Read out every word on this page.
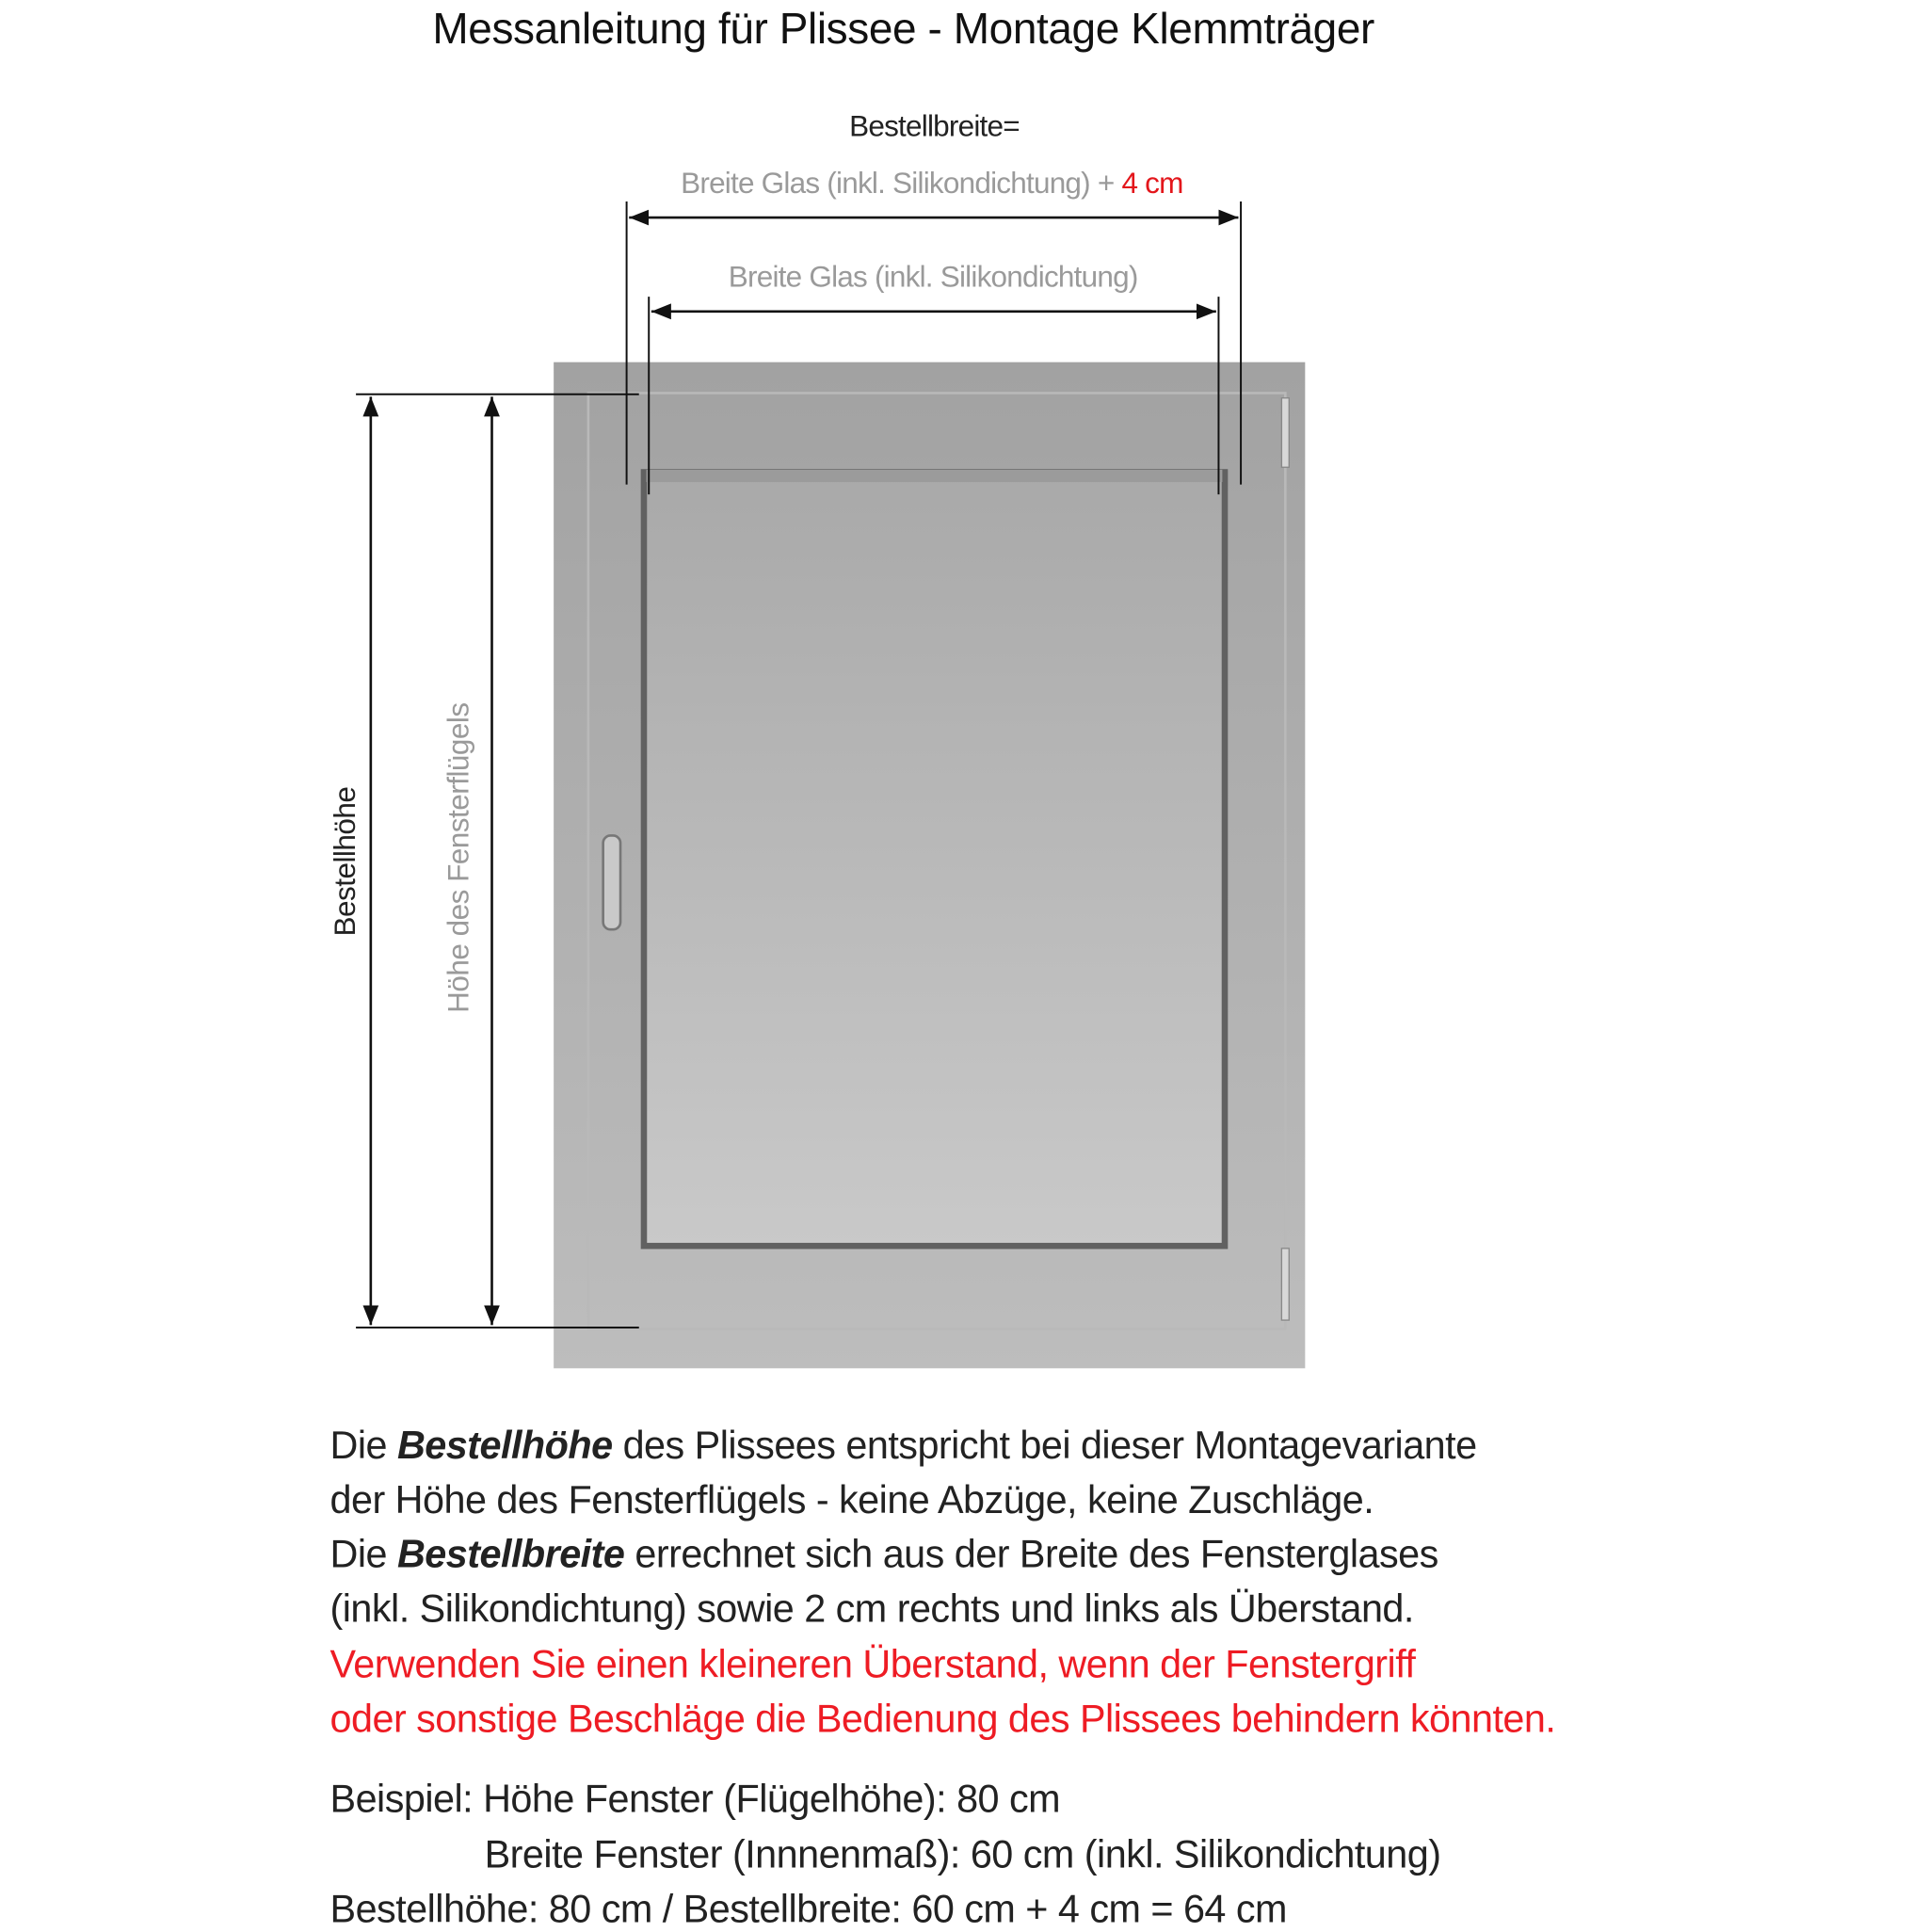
Messanleitung für Plissee - Montage Klemmträger
Bestellbreite=
Breite Glas (inkl. Silikondichtung) + 4 cm
Breite Glas (inkl. Silikondichtung)
Bestellhöhe	Höhe des Fensterflügels
Die Bestellhöhe des Plissees entspricht bei dieser Montagevariante
der Höhe des Fensterflügels - keine Abzüge, keine Zuschläge.
Die Bestellbreite errechnet sich aus der Breite des Fensterglases
(inkl. Silikondichtung) sowie 2 cm rechts und links als Überstand.
Verwenden Sie einen kleineren Überstand, wenn der Fenstergriff
oder sonstige Beschläge die Bedienung des Plissees behindern könnten.
Beispiel: Höhe Fenster (Flügelhöhe): 80 cm
Breite Fenster (Innnenmaß): 60 cm (inkl. Silikondichtung)
Bestellhöhe: 80 cm / Bestellbreite: 60 cm + 4 cm = 64 cm
